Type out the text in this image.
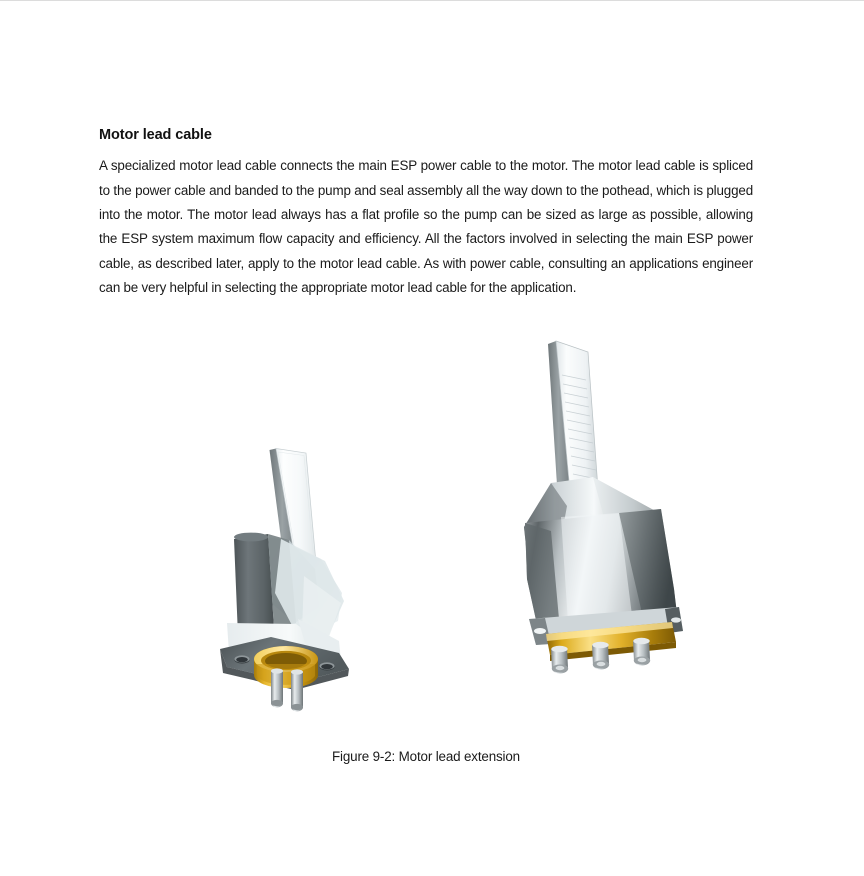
Motor lead cable

A specialized motor lead cable connects the main ESP power cable to the motor. The motor lead cable is spliced to the power cable and banded to the pump and seal assembly all the way down to the pothead, which is plugged into the motor. The motor lead always has a flat profile so the pump can be sized as large as possible, allowing the ESP system maximum flow capacity and efficiency. All the factors involved in selecting the main ESP power cable, as described later, apply to the motor lead cable. As with power cable, consulting an applications engineer can be very helpful in selecting the appropriate motor lead cable for the application.

Figure 9-2: Motor lead extension
